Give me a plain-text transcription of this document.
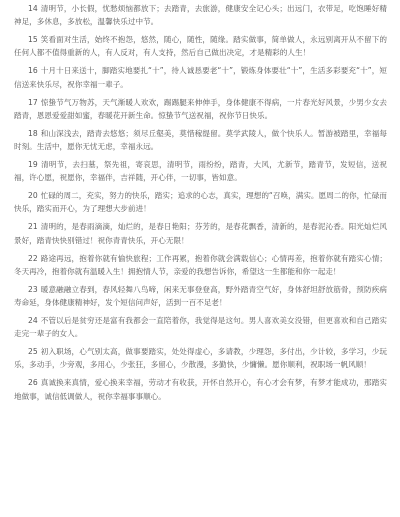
14 清明节，小长假，忧愁烦恼都放下；去踏青，去旅游，健康安全记心头；出远门，衣带足，吃饱睡好精神足，多休息，多放松，温馨快乐过中节。

15 笑看面对生活，始终不抱怨，悠然，随心，随性，随缘。踏实做事，简单做人，永远别离开从不留下的任何人都不值得重新的人，有人反对，有人支持，然后自己做出决定，才是精彩的人生！

16 十月十日来送十，脚踏实地要扎“十”，待人诚恳要老“十”，锻炼身体要壮“十”，生活多彩要充“十”，短信送来快乐尽，祝你幸福一辈子。

17 惊蛰节气万物苏，天气渐暖人欢欢，踢踢腿来伸伸手，身体健康不得病，一片春光好风景，少男少女去踏青，恩恩爱爱甜如蜜，春暖花开新生命。惊蛰节气送祝福，祝你节日快乐。

18 和山深浅去，踏青去悠悠；须尽丘壑美，莫惜稼缇留。莫学武陵人，做个快乐人。暂游被踏里，幸福每时刻。生活中，愿你无忧无虑，幸福永远。

19 清明节，去扫墓，祭先祖，寄哀思，清明节，雨纷纷，踏青，大风，尤新节，踏青节，发短信，送祝福，许心愿，祝愿你，幸福伴，吉祥随，开心伴，一切事，皆如意。

20 忙碌的周二，充实，努力的快乐，踏实；追求的心志，真实，理想的“召唤，满实。愿周二的你，忙碌而快乐，踏实而开心，为了理想大步前进！

21 清明的，是春雨滴滴，灿烂的，是春日艳阳；芬芳的，是春花飘香，清新的，是春泥沁香。阳光灿烂风景好，踏青快快别错过！祝你青青快乐，开心无限！

22 路途再远，抱着你就有愉快旅程；工作再累，抱着你就会满载信心；心情再差，抱着你就有踏实心情；冬天再冷，抱着你就有温暖入生！拥抱情人节，亲爱的我想告诉你，希望这一生都能和你一起走！

23 暖意融融立春到，春风轻舞八鸟啼，闲来无事登登高，野外踏青空气好，身体舒坦舒放筋骨，预防疾病寿命延，身体健康精神好，发个短信问声好，活到一百不足老！

24 不管以后是贫穷还是富有我都会一直陪着你，我觉得是这句。男人喜欢美女没错，但更喜欢和自己踏实走完一辈子的女人。

25 初入职场，心气别太高，做事要踏实，处处得虚心，多请教，少理怨，多付出，少计较，多学习，少玩乐，多动手，少旁观，多用心，少张狂，多留心，少散漫，多勤快，少慵懒。愿你顺利，祝职场一帆风顺！

26 真诚换来真情，爱心换来幸福，劳动才有收获，开怀自然开心，有心才会有梦，有梦才能成功，那踏实地做事，诚信低调做人，祝你幸福事事顺心。
